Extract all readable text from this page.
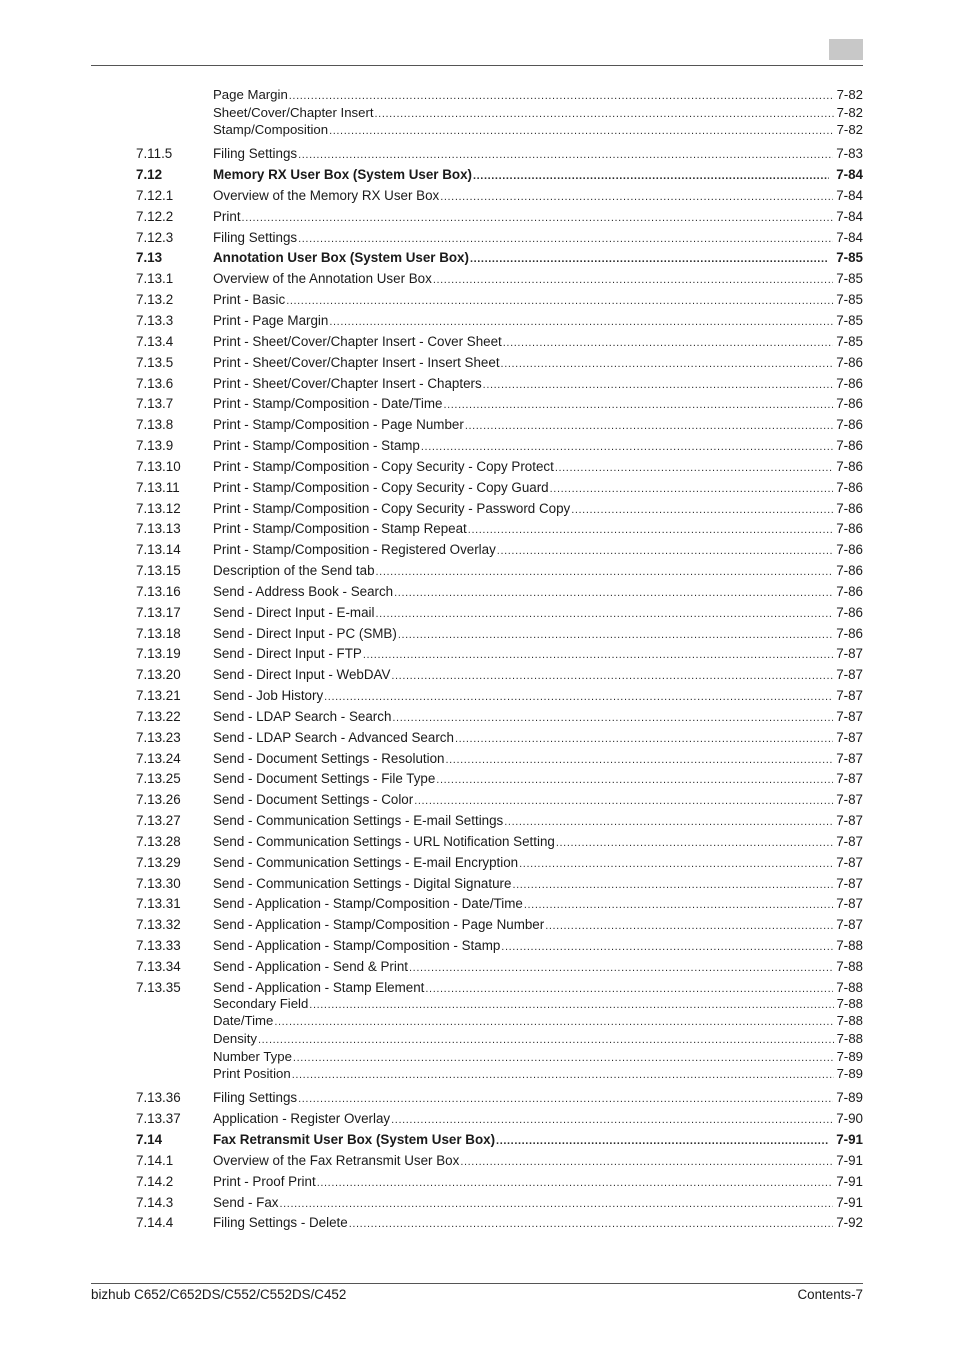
Page Margin .....	7-82
Sheet/Cover/Chapter Insert .....	7-82
Stamp/Composition .....	7-82
7.11.5	Filing Settings .....	7-83
7.12	Memory RX User Box (System User Box) .....	7-84
7.12.1	Overview of the Memory RX User Box .....	7-84
7.12.2	Print .....	7-84
7.12.3	Filing Settings .....	7-84
7.13	Annotation User Box (System User Box) .....	7-85
7.13.1	Overview of the Annotation User Box .....	7-85
7.13.2	Print - Basic .....	7-85
7.13.3	Print - Page Margin .....	7-85
7.13.4	Print - Sheet/Cover/Chapter Insert - Cover Sheet .....	7-85
7.13.5	Print - Sheet/Cover/Chapter Insert - Insert Sheet .....	7-86
7.13.6	Print - Sheet/Cover/Chapter Insert - Chapters .....	7-86
7.13.7	Print - Stamp/Composition - Date/Time .....	7-86
7.13.8	Print - Stamp/Composition - Page Number .....	7-86
7.13.9	Print - Stamp/Composition - Stamp .....	7-86
7.13.10	Print - Stamp/Composition - Copy Security - Copy Protect .....	7-86
7.13.11	Print - Stamp/Composition - Copy Security - Copy Guard .....	7-86
7.13.12	Print - Stamp/Composition - Copy Security - Password Copy .....	7-86
7.13.13	Print - Stamp/Composition - Stamp Repeat .....	7-86
7.13.14	Print - Stamp/Composition - Registered Overlay .....	7-86
7.13.15	Description of the Send tab .....	7-86
7.13.16	Send - Address Book - Search .....	7-86
7.13.17	Send - Direct Input - E-mail .....	7-86
7.13.18	Send - Direct Input - PC (SMB) .....	7-86
7.13.19	Send - Direct Input - FTP .....	7-87
7.13.20	Send - Direct Input - WebDAV .....	7-87
7.13.21	Send - Job History .....	7-87
7.13.22	Send - LDAP Search - Search .....	7-87
7.13.23	Send - LDAP Search - Advanced Search .....	7-87
7.13.24	Send - Document Settings - Resolution .....	7-87
7.13.25	Send - Document Settings - File Type .....	7-87
7.13.26	Send - Document Settings - Color .....	7-87
7.13.27	Send - Communication Settings - E-mail Settings .....	7-87
7.13.28	Send - Communication Settings - URL Notification Setting .....	7-87
7.13.29	Send - Communication Settings - E-mail Encryption .....	7-87
7.13.30	Send - Communication Settings - Digital Signature .....	7-87
7.13.31	Send - Application - Stamp/Composition - Date/Time .....	7-87
7.13.32	Send - Application - Stamp/Composition - Page Number .....	7-87
7.13.33	Send - Application - Stamp/Composition - Stamp .....	7-88
7.13.34	Send - Application - Send & Print .....	7-88
7.13.35	Send - Application - Stamp Element .....	7-88
Secondary Field .....	7-88
Date/Time .....	7-88
Density .....	7-88
Number Type .....	7-89
Print Position .....	7-89
7.13.36	Filing Settings .....	7-89
7.13.37	Application - Register Overlay .....	7-90
7.14	Fax Retransmit User Box (System User Box) .....	7-91
7.14.1	Overview of the Fax Retransmit User Box .....	7-91
7.14.2	Print - Proof Print .....	7-91
7.14.3	Send - Fax .....	7-91
7.14.4	Filing Settings - Delete .....	7-92
bizhub C652/C652DS/C552/C552DS/C452	Contents-7
